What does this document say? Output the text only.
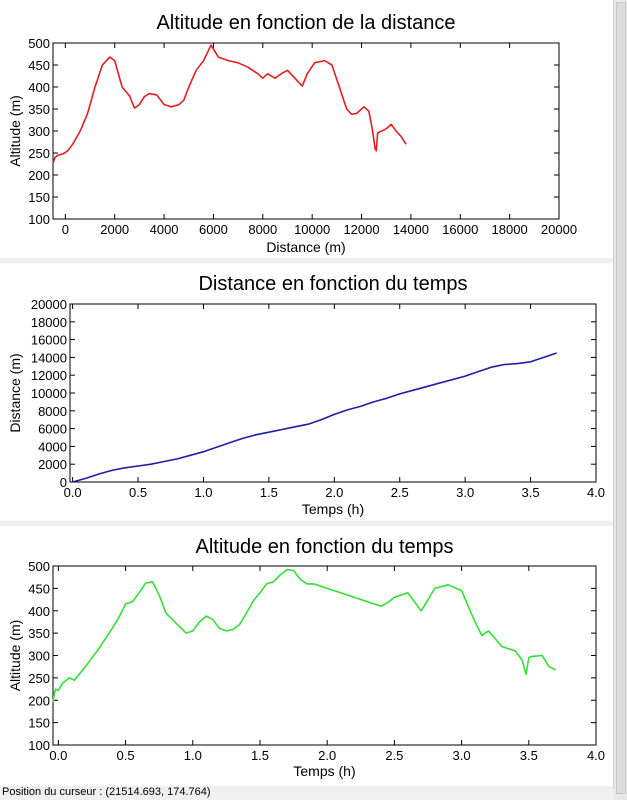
Altitude en fonction de la distance
Distance (m)
Altitude (m)
0 2000 4000 6000 8000 10000 12000 14000 16000 18000 20000
100
150
200
250
300
350
400
450
500
Distance en fonction du temps
Temps (h)
Distance (m)
0.0	0.5	1.0	1.5	2.0	2.5	3.0	3.5	4.0
0
2000
4000
6000
8000
10000
12000
14000
16000
18000
20000
Altitude en fonction du temps
Temps (h)
Altitude (m)
0.0	0.5	1.0	1.5	2.0	2.5	3.0	3.5	4.0
100
150
200
250
300
350
400
450
500
Position du curseur : (21514.693, 174.764)
